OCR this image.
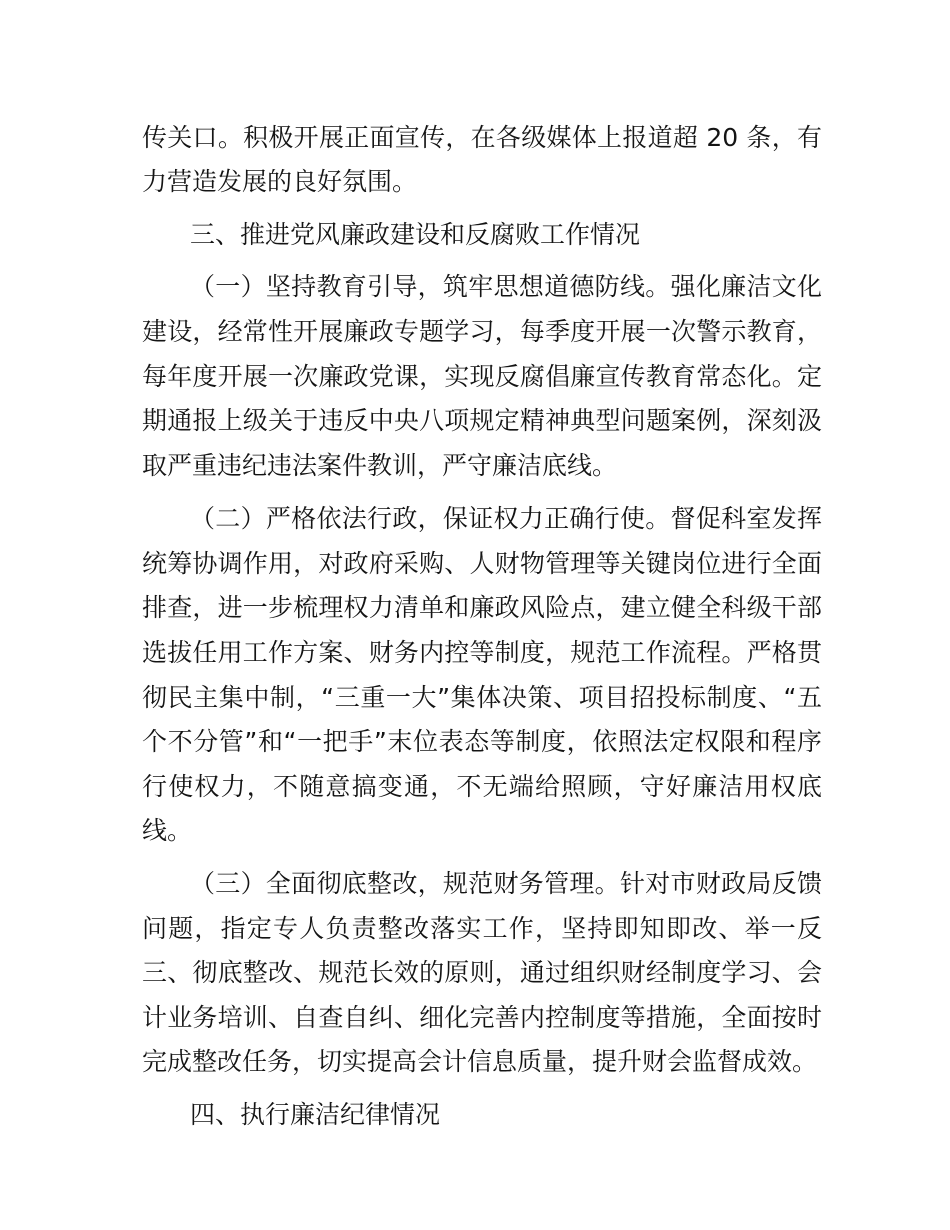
传关口。积极开展正面宣传，在各级媒体上报道超 20 条，有
力营造发展的良好氛围。
三、推进党风廉政建设和反腐败工作情况
（一）坚持教育引导，筑牢思想道德防线。强化廉洁文化
建设，经常性开展廉政专题学习，每季度开展一次警示教育，
每年度开展一次廉政党课，实现反腐倡廉宣传教育常态化。定
期通报上级关于违反中央八项规定精神典型问题案例，深刻汲
取严重违纪违法案件教训，严守廉洁底线。
（二）严格依法行政，保证权力正确行使。督促科室发挥
统筹协调作用，对政府采购、人财物管理等关键岗位进行全面
排查，进一步梳理权力清单和廉政风险点，建立健全科级干部
选拔任用工作方案、财务内控等制度，规范工作流程。严格贯
彻民主集中制，“三重一大”集体决策、项目招投标制度、“五
个不分管”和“一把手”末位表态等制度，依照法定权限和程序
行使权力，不随意搞变通，不无端给照顾，守好廉洁用权底
线。
（三）全面彻底整改，规范财务管理。针对市财政局反馈
问题，指定专人负责整改落实工作，坚持即知即改、举一反
三、彻底整改、规范长效的原则，通过组织财经制度学习、会
计业务培训、自查自纠、细化完善内控制度等措施，全面按时
完成整改任务，切实提高会计信息质量，提升财会监督成效。
四、执行廉洁纪律情况
